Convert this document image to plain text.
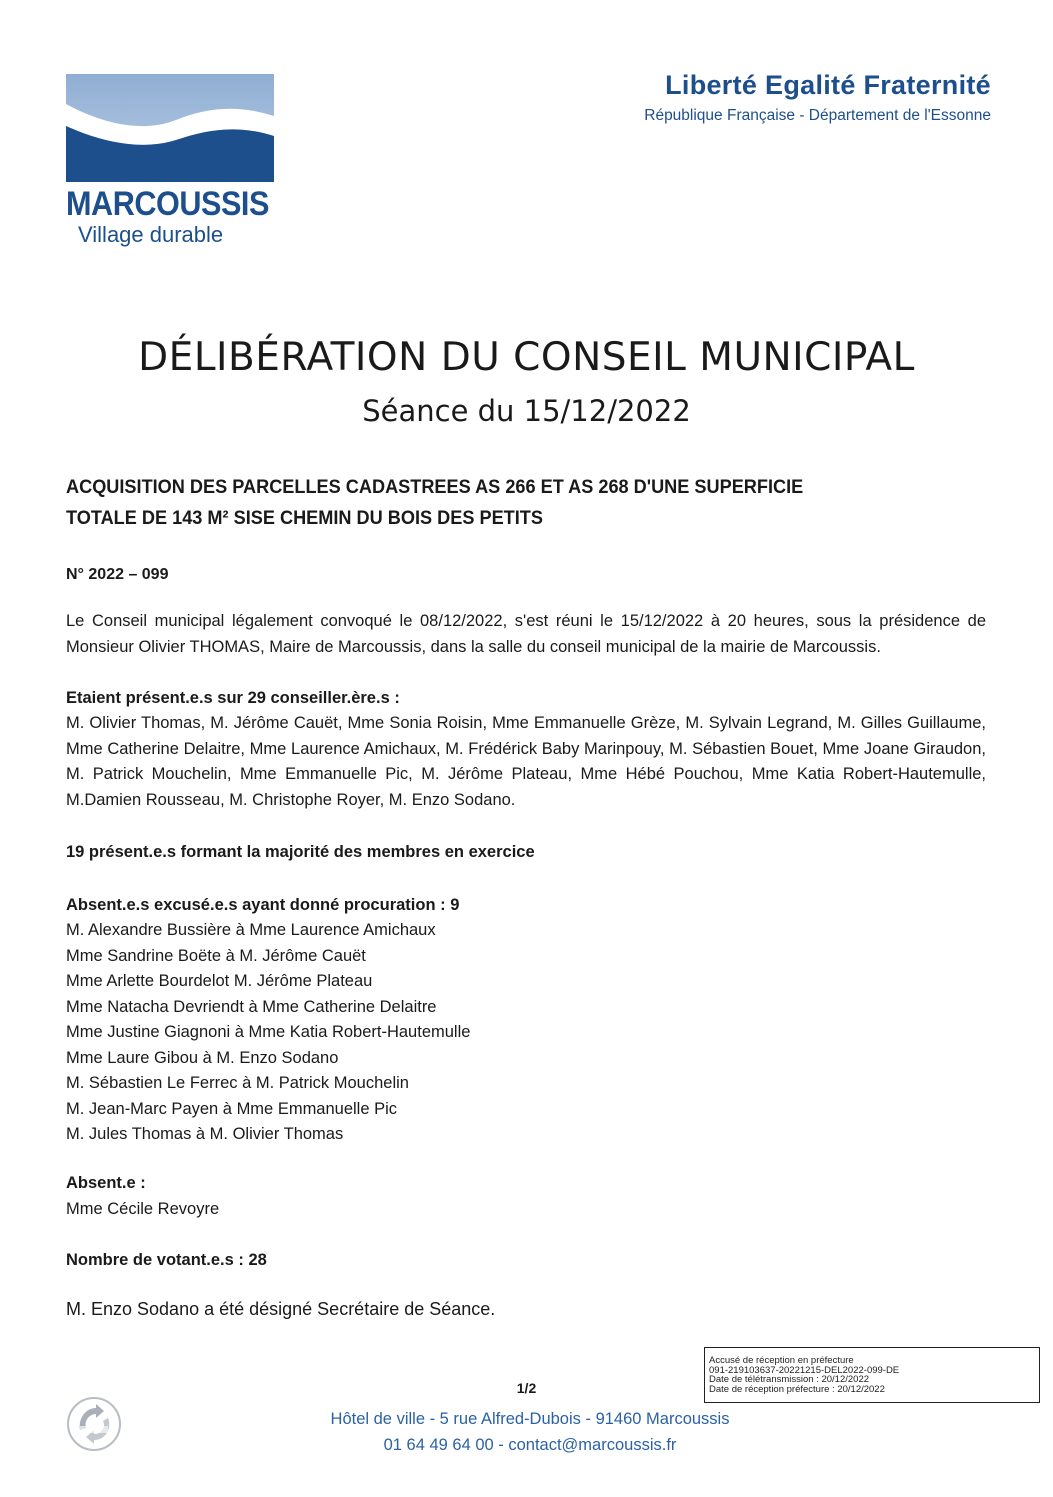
MARCOUSSIS
Village durable
Liberté Egalité Fraternité
République Française - Département de l'Essonne
DÉLIBÉRATION DU CONSEIL MUNICIPAL
Séance du 15/12/2022
ACQUISITION DES PARCELLES CADASTREES AS 266 ET AS 268 D'UNE SUPERFICIE
TOTALE DE 143 M² SISE CHEMIN DU BOIS DES PETITS
N° 2022 – 099
Le Conseil municipal légalement convoqué le 08/12/2022, s'est réuni le 15/12/2022 à 20 heures, sous la présidence de Monsieur Olivier THOMAS, Maire de Marcoussis, dans la salle du conseil municipal de la mairie de Marcoussis.
Etaient présent.e.s sur 29 conseiller.ère.s :
M. Olivier Thomas, M. Jérôme Cauët, Mme Sonia Roisin, Mme Emmanuelle Grèze, M. Sylvain Legrand, M. Gilles Guillaume, Mme Catherine Delaitre, Mme Laurence Amichaux, M. Frédérick Baby Marinpouy, M. Sébastien Bouet, Mme Joane Giraudon, M. Patrick Mouchelin, Mme Emmanuelle Pic, M. Jérôme Plateau, Mme Hébé Pouchou, Mme Katia Robert-Hautemulle, M.Damien Rousseau, M. Christophe Royer, M. Enzo Sodano.
19 présent.e.s formant la majorité des membres en exercice
Absent.e.s excusé.e.s ayant donné procuration : 9
M. Alexandre Bussière à Mme Laurence Amichaux
Mme Sandrine Boëte à M. Jérôme Cauët
Mme Arlette Bourdelot M. Jérôme Plateau
Mme Natacha Devriendt à Mme Catherine Delaitre
Mme Justine Giagnoni à Mme Katia Robert-Hautemulle
Mme Laure Gibou à M. Enzo Sodano
M. Sébastien Le Ferrec à M. Patrick Mouchelin
M. Jean-Marc Payen à Mme Emmanuelle Pic
M. Jules Thomas à M. Olivier Thomas
Absent.e :
Mme Cécile Revoyre
Nombre de votant.e.s : 28
M. Enzo Sodano a été désigné Secrétaire de Séance.
Accusé de réception en préfecture
091-219103637-20221215-DEL2022-099-DE
Date de télétransmission : 20/12/2022
Date de réception préfecture : 20/12/2022
1/2
Hôtel de ville - 5 rue Alfred-Dubois - 91460 Marcoussis
01 64 49 64 00 - contact@marcoussis.fr
